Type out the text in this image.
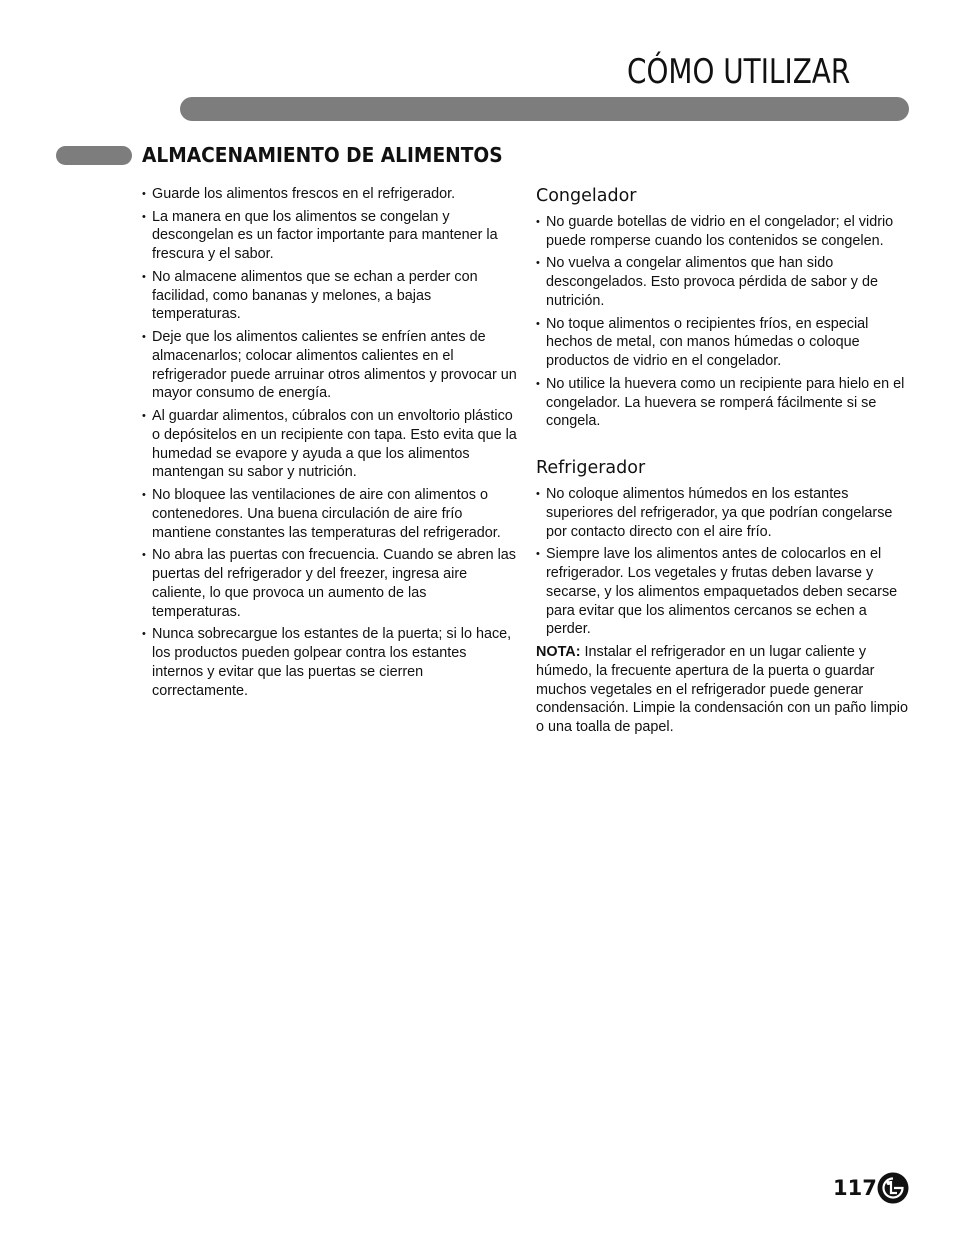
CÓMO UTILIZAR
ALMACENAMIENTO DE ALIMENTOS
• Guarde los alimentos frescos en el refrigerador.
• La manera en que los alimentos se congelan y descongelan es un factor importante para mantener la frescura y el sabor.
• No almacene alimentos que se echan a perder con facilidad, como bananas y melones, a bajas temperaturas.
• Deje que los alimentos calientes se enfríen antes de almacenarlos; colocar alimentos calientes en el refrigerador puede arruinar otros alimentos y provocar un mayor consumo de energía.
• Al guardar alimentos, cúbralos con un envoltorio plástico o depósitelos en un recipiente con tapa. Esto evita que la humedad se evapore y ayuda a que los alimentos mantengan su sabor y nutrición.
• No bloquee las ventilaciones de aire con alimentos o contenedores. Una buena circulación de aire frío mantiene constantes las temperaturas del refrigerador.
• No abra las puertas con frecuencia. Cuando se abren las puertas del refrigerador y del freezer, ingresa aire caliente, lo que provoca un aumento de las temperaturas.
• Nunca sobrecargue los estantes de la puerta; si lo hace, los productos pueden golpear contra los estantes internos y evitar que las puertas se cierren correctamente.
Congelador
• No guarde botellas de vidrio en el congelador; el vidrio puede romperse cuando los contenidos se congelen.
• No vuelva a congelar alimentos que han sido descongelados. Esto provoca pérdida de sabor y de nutrición.
• No toque alimentos o recipientes fríos, en especial hechos de metal, con manos húmedas o coloque productos de vidrio en el congelador.
• No utilice la huevera como un recipiente para hielo en el congelador. La huevera se romperá fácilmente si se congela.
Refrigerador
• No coloque alimentos húmedos en los estantes superiores del refrigerador, ya que podrían congelarse por contacto directo con el aire frío.
• Siempre lave los alimentos antes de colocarlos en el refrigerador. Los vegetales y frutas deben lavarse y secarse, y los alimentos empaquetados deben secarse para evitar que los alimentos cercanos se echen a perder.

NOTA: Instalar el refrigerador en un lugar caliente y húmedo, la frecuente apertura de la puerta o guardar muchos vegetales en el refrigerador puede generar condensación. Limpie la condensación con un paño limpio o una toalla de papel.

117
